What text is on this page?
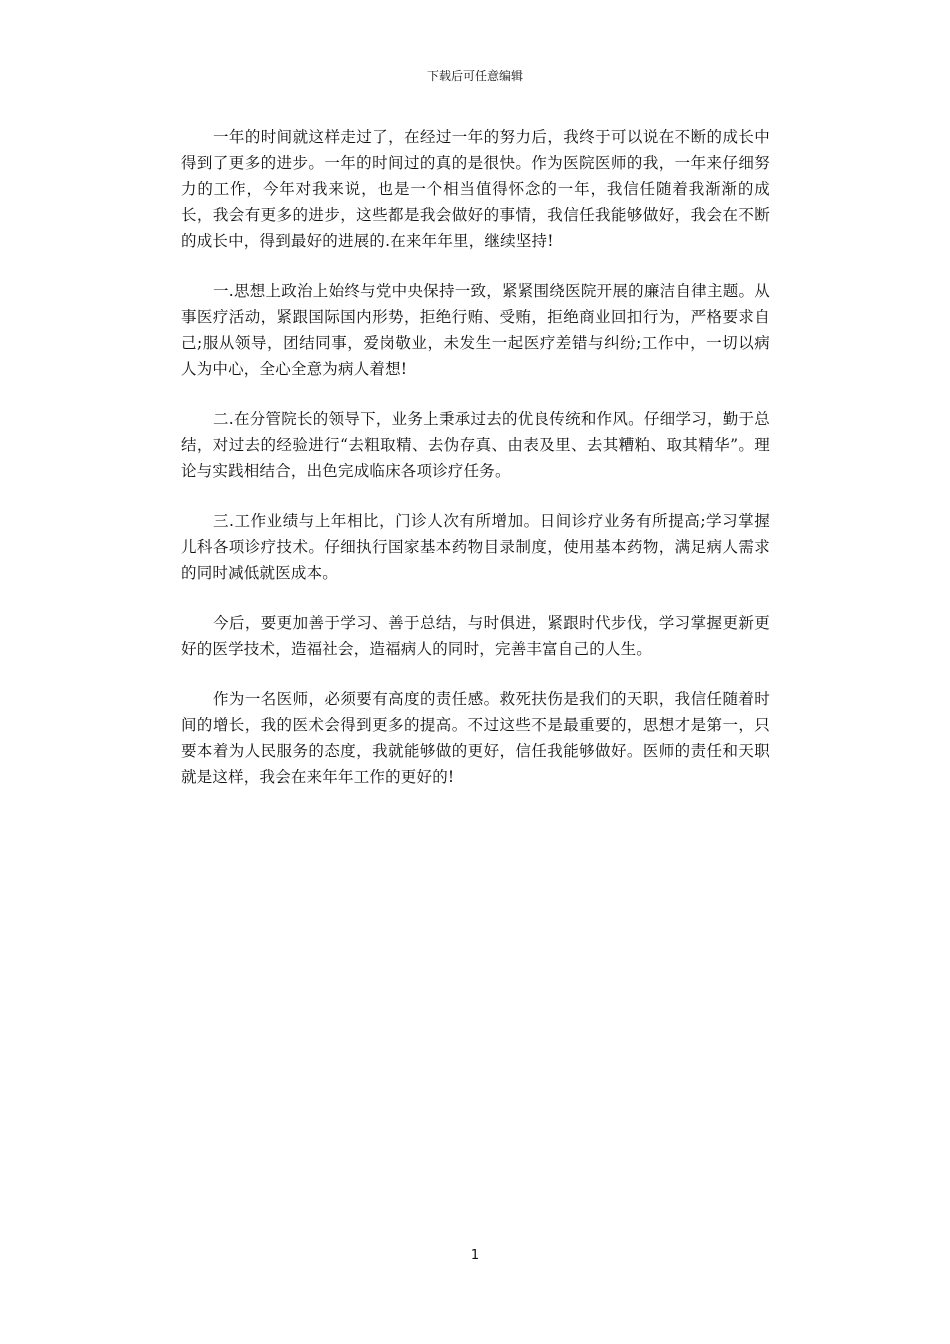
下载后可任意编辑

一年的时间就这样走过了，在经过一年的努力后，我终于可以说在不断的成长中得到了更多的进步。一年的时间过的真的是很快。作为医院医师的我，一年来仔细努力的工作，今年对我来说，也是一个相当值得怀念的一年，我信任随着我渐渐的成长，我会有更多的进步，这些都是我会做好的事情，我信任我能够做好，我会在不断的成长中，得到最好的进展的.在来年年里，继续坚持!

一.思想上政治上始终与党中央保持一致，紧紧围绕医院开展的廉洁自律主题。从事医疗活动，紧跟国际国内形势，拒绝行贿、受贿，拒绝商业回扣行为，严格要求自己;服从领导，团结同事，爱岗敬业，未发生一起医疗差错与纠纷;工作中，一切以病人为中心，全心全意为病人着想!

二.在分管院长的领导下，业务上秉承过去的优良传统和作风。仔细学习，勤于总结，对过去的经验进行“去粗取精、去伪存真、由表及里、去其糟粕、取其精华”。理论与实践相结合，出色完成临床各项诊疗任务。

三.工作业绩与上年相比，门诊人次有所增加。日间诊疗业务有所提高;学习掌握儿科各项诊疗技术。仔细执行国家基本药物目录制度，使用基本药物，满足病人需求的同时减低就医成本。

今后，要更加善于学习、善于总结，与时俱进，紧跟时代步伐，学习掌握更新更好的医学技术，造福社会，造福病人的同时，完善丰富自己的人生。

作为一名医师，必须要有高度的责任感。救死扶伤是我们的天职，我信任随着时间的增长，我的医术会得到更多的提高。不过这些不是最重要的，思想才是第一，只要本着为人民服务的态度，我就能够做的更好，信任我能够做好。医师的责任和天职就是这样，我会在来年年工作的更好的!

1
